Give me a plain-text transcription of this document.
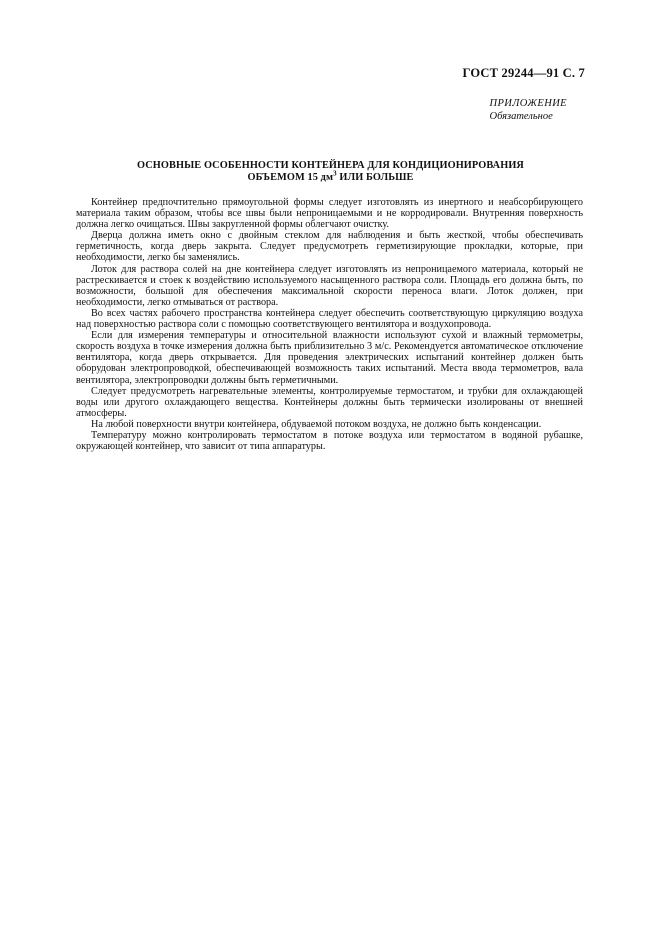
ГОСТ 29244—91 С. 7
ПРИЛОЖЕНИЕ
Обязательное
ОСНОВНЫЕ ОСОБЕННОСТИ КОНТЕЙНЕРА ДЛЯ КОНДИЦИОНИРОВАНИЯ
ОБЪЕМОМ 15 $дм^3$ ИЛИ БОЛЬШЕ

Контейнер предпочтительно прямоугольной формы следует изготовлять из инертного и неабсорбирующего материала таким образом, чтобы все швы были непроницаемыми и не корродировали. Внутренняя поверхность должна легко очищаться. Швы закругленной формы облегчают очистку.

Дверца должна иметь окно с двойным стеклом для наблюдения и быть жесткой, чтобы обеспечивать герметичность, когда дверь закрыта. Следует предусмотреть герметизирующие прокладки, которые, при необходимости, легко бы заменялись.

Лоток для раствора солей на дне контейнера следует изготовлять из непроницаемого материала, который не растрескивается и стоек к воздействию используемого насыщенного раствора соли. Площадь его должна быть, по возможности, большой для обеспечения максимальной скорости переноса влаги. Лоток должен, при необходимости, легко отмываться от раствора.

Во всех частях рабочего пространства контейнера следует обеспечить соответствующую циркуляцию воздуха над поверхностью раствора соли с помощью соответствующего вентилятора и воздухопровода.

Если для измерения температуры и относительной влажности используют сухой и влажный термометры, скорость воздуха в точке измерения должна быть приблизительно 3 м/с. Рекомендуется автоматическое отключение вентилятора, когда дверь открывается. Для проведения электрических испытаний контейнер должен быть оборудован электропроводкой, обеспечивающей возможность таких испытаний. Места ввода термометров, вала вентилятора, электропроводки должны быть герметичными.

Следует предусмотреть нагревательные элементы, контролируемые термостатом, и трубки для охлаждающей воды или другого охлаждающего вещества. Контейнеры должны быть термически изолированы от внешней атмосферы.

На любой поверхности внутри контейнера, обдуваемой потоком воздуха, не должно быть конденсации.

Температуру можно контролировать термостатом в потоке воздуха или термостатом в водяной рубашке, окружающей контейнер, что зависит от типа аппаратуры.
